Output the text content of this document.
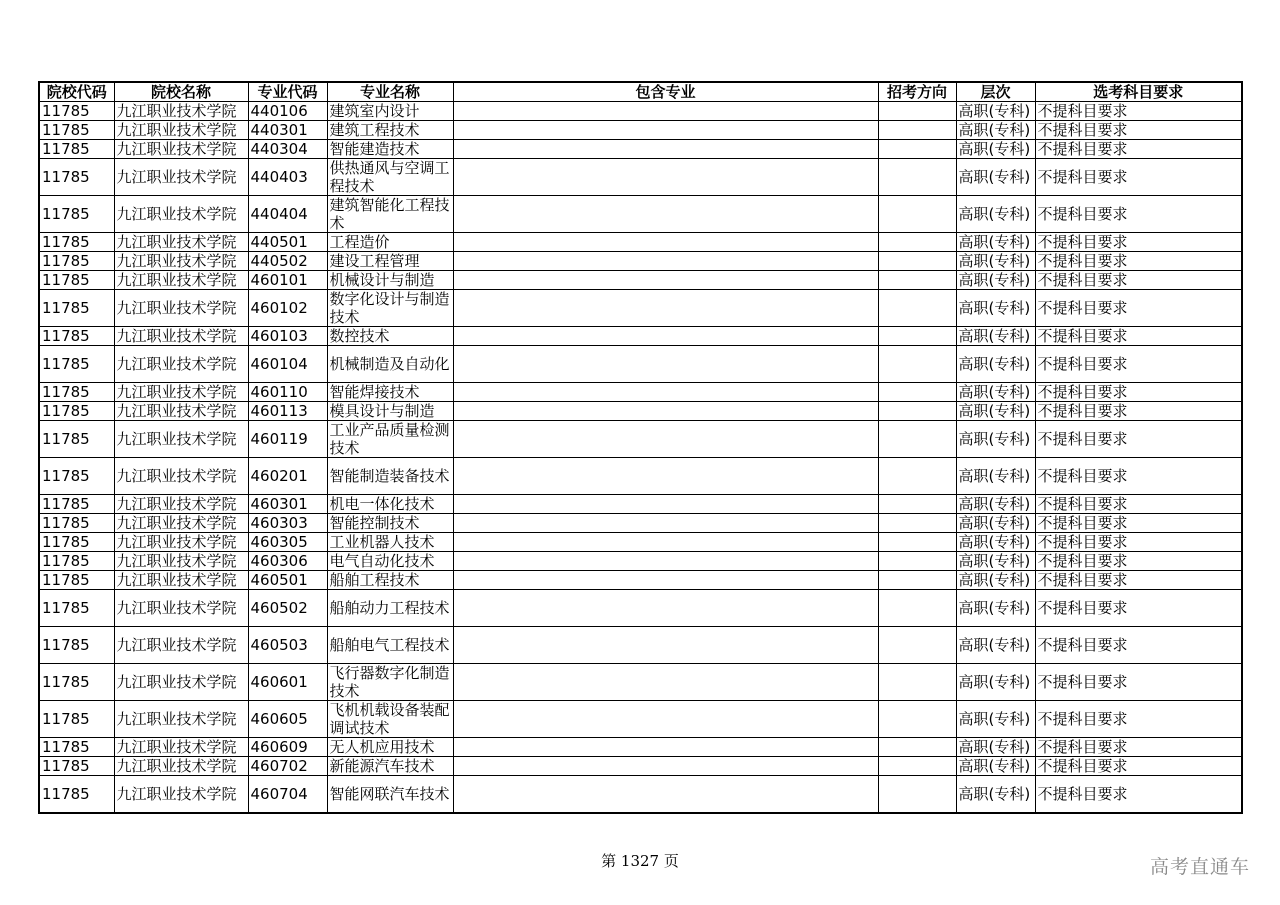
院校代码	院校名称	专业代码	专业名称	包含专业	招考方向	层次	选考科目要求
11785	九江职业技术学院	440106	建筑室内设计			高职(专科)	不提科目要求
11785	九江职业技术学院	440301	建筑工程技术			高职(专科)	不提科目要求
11785	九江职业技术学院	440304	智能建造技术			高职(专科)	不提科目要求
11785	九江职业技术学院	440403	供热通风与空调工程技术			高职(专科)	不提科目要求
11785	九江职业技术学院	440404	建筑智能化工程技术			高职(专科)	不提科目要求
11785	九江职业技术学院	440501	工程造价			高职(专科)	不提科目要求
11785	九江职业技术学院	440502	建设工程管理			高职(专科)	不提科目要求
11785	九江职业技术学院	460101	机械设计与制造			高职(专科)	不提科目要求
11785	九江职业技术学院	460102	数字化设计与制造技术			高职(专科)	不提科目要求
11785	九江职业技术学院	460103	数控技术			高职(专科)	不提科目要求
11785	九江职业技术学院	460104	机械制造及自动化			高职(专科)	不提科目要求
11785	九江职业技术学院	460110	智能焊接技术			高职(专科)	不提科目要求
11785	九江职业技术学院	460113	模具设计与制造			高职(专科)	不提科目要求
11785	九江职业技术学院	460119	工业产品质量检测技术			高职(专科)	不提科目要求
11785	九江职业技术学院	460201	智能制造装备技术			高职(专科)	不提科目要求
11785	九江职业技术学院	460301	机电一体化技术			高职(专科)	不提科目要求
11785	九江职业技术学院	460303	智能控制技术			高职(专科)	不提科目要求
11785	九江职业技术学院	460305	工业机器人技术			高职(专科)	不提科目要求
11785	九江职业技术学院	460306	电气自动化技术			高职(专科)	不提科目要求
11785	九江职业技术学院	460501	船舶工程技术			高职(专科)	不提科目要求
11785	九江职业技术学院	460502	船舶动力工程技术			高职(专科)	不提科目要求
11785	九江职业技术学院	460503	船舶电气工程技术			高职(专科)	不提科目要求
11785	九江职业技术学院	460601	飞行器数字化制造技术			高职(专科)	不提科目要求
11785	九江职业技术学院	460605	飞机机载设备装配调试技术			高职(专科)	不提科目要求
11785	九江职业技术学院	460609	无人机应用技术			高职(专科)	不提科目要求
11785	九江职业技术学院	460702	新能源汽车技术			高职(专科)	不提科目要求
11785	九江职业技术学院	460704	智能网联汽车技术			高职(专科)	不提科目要求
第 1327 页	高考直通车
